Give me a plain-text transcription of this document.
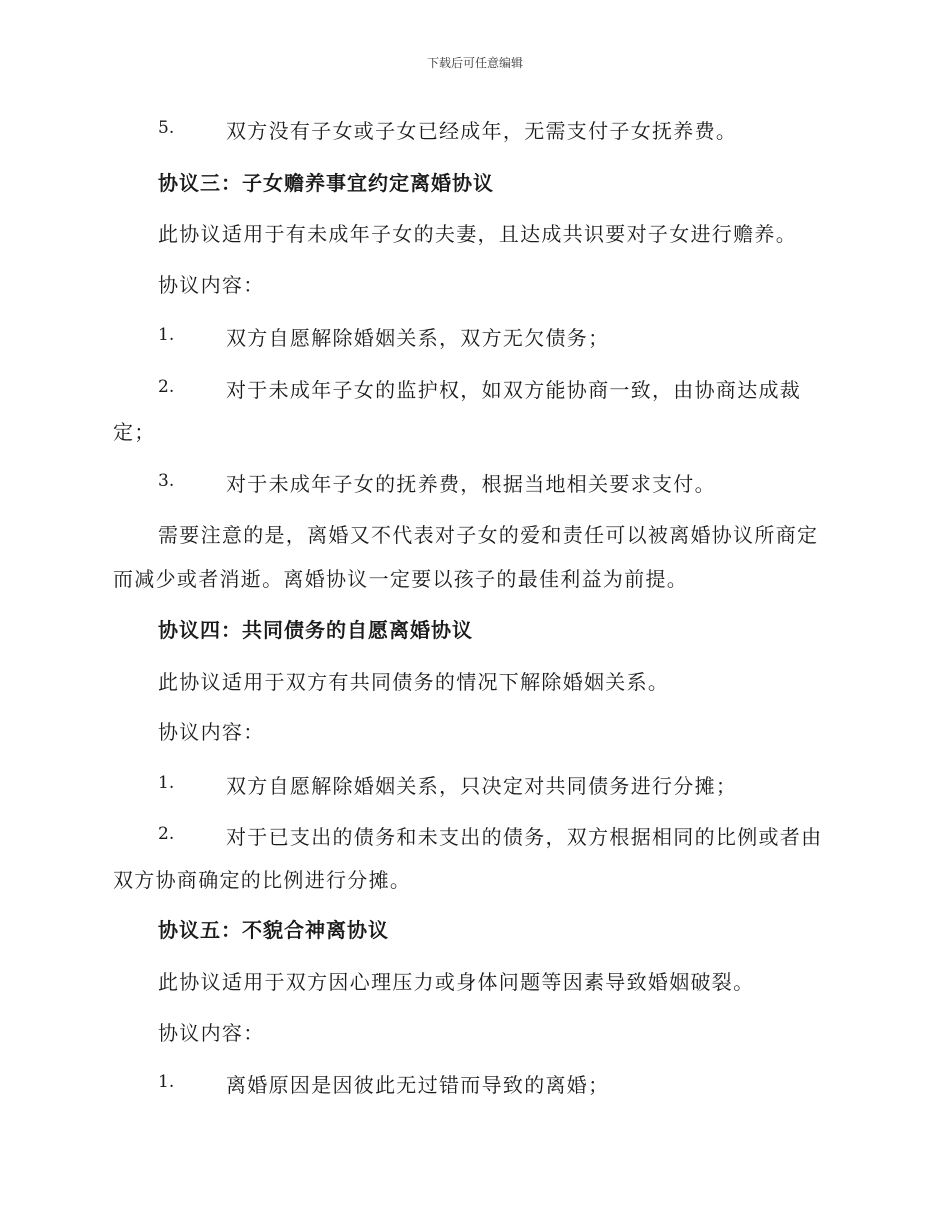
下载后可任意编辑
5.	双方没有子女或子女已经成年，无需支付子女抚养费。
协议三：子女赡养事宜约定离婚协议
此协议适用于有未成年子女的夫妻，且达成共识要对子女进行赡养。
协议内容：
1.	双方自愿解除婚姻关系，双方无欠债务；
2.	对于未成年子女的监护权，如双方能协商一致，由协商达成裁
定；
3.	对于未成年子女的抚养费，根据当地相关要求支付。
需要注意的是，离婚又不代表对子女的爱和责任可以被离婚协议所商定
而减少或者消逝。离婚协议一定要以孩子的最佳利益为前提。
协议四：共同债务的自愿离婚协议
此协议适用于双方有共同债务的情况下解除婚姻关系。
协议内容：
1.	双方自愿解除婚姻关系，只决定对共同债务进行分摊；
2.	对于已支出的债务和未支出的债务，双方根据相同的比例或者由
双方协商确定的比例进行分摊。
协议五：不貌合神离协议
此协议适用于双方因心理压力或身体问题等因素导致婚姻破裂。
协议内容：
1.	离婚原因是因彼此无过错而导致的离婚；
